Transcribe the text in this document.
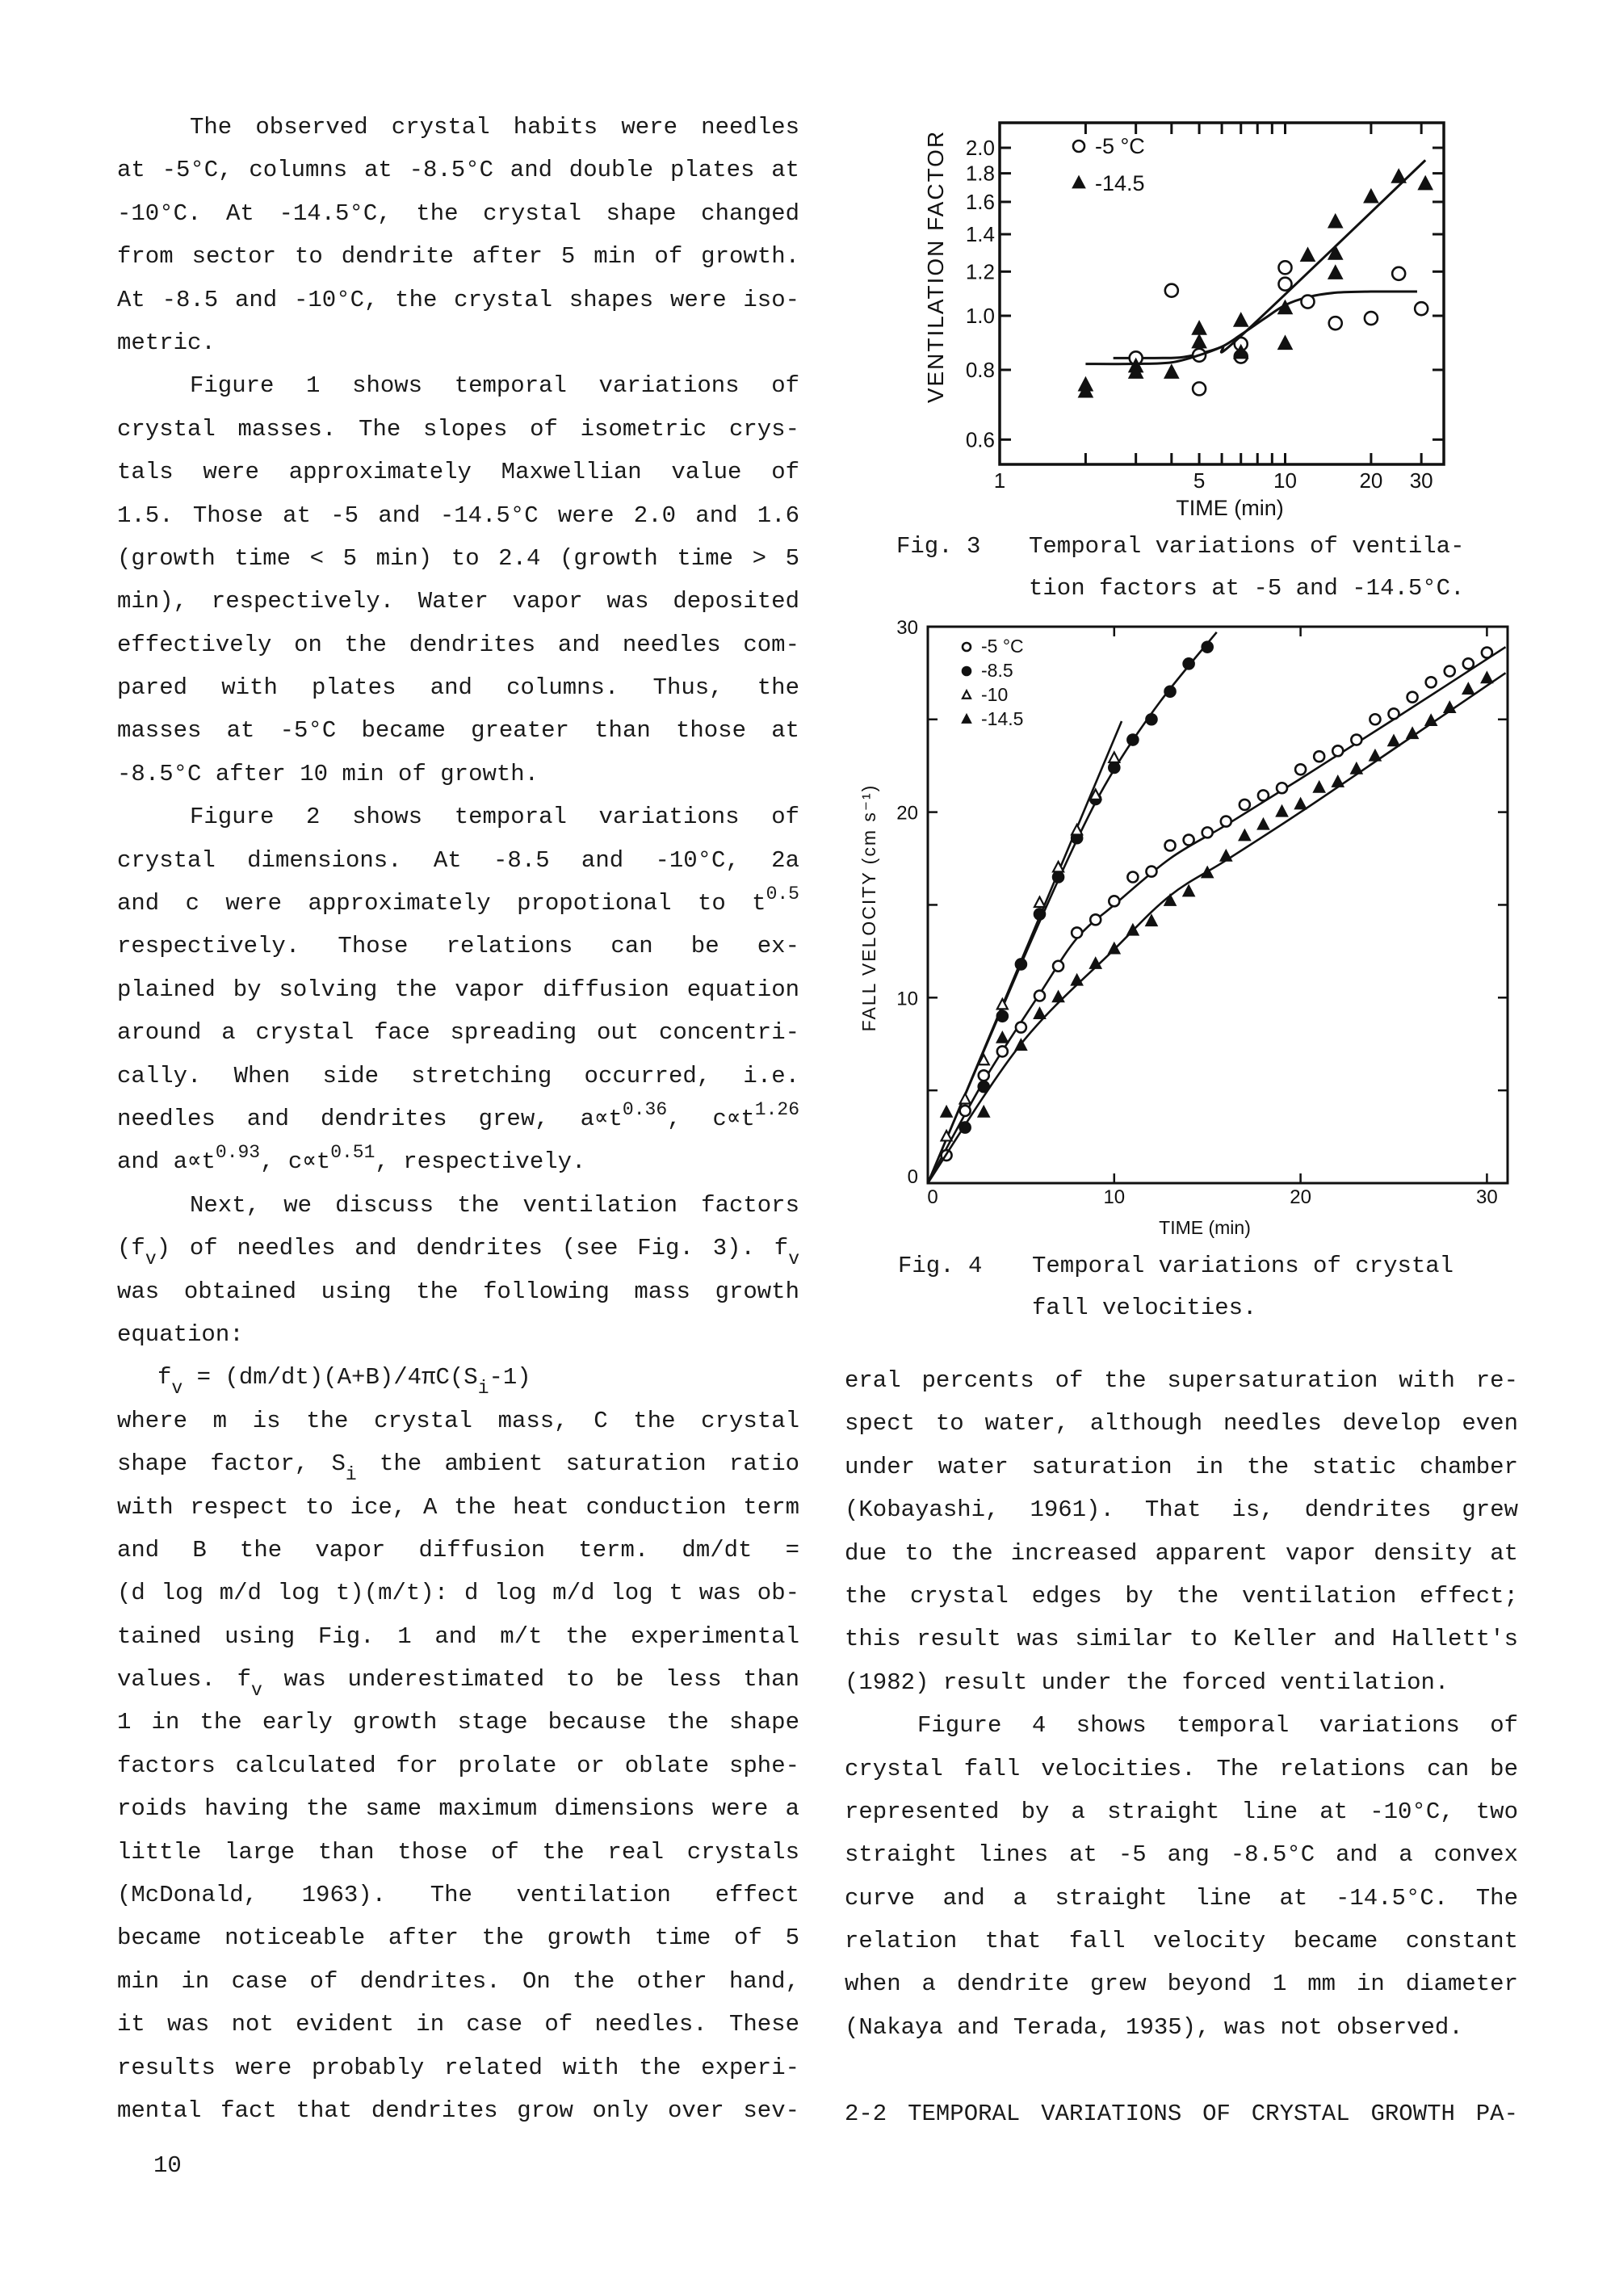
The observed crystal habits were needles
at -5°C, columns at -8.5°C and double plates at
-10°C. At -14.5°C, the crystal shape changed
from sector to dendrite after 5 min of growth.
At -8.5 and -10°C, the crystal shapes were iso-
metric.
Figure 1 shows temporal variations of
crystal masses. The slopes of isometric crys-
tals were approximately Maxwellian value of
1.5. Those at -5 and -14.5°C were 2.0 and 1.6
(growth time < 5 min) to 2.4 (growth time > 5
min), respectively. Water vapor was deposited
effectively on the dendrites and needles com-
pared with plates and columns. Thus, the
masses at -5°C became greater than those at
-8.5°C after 10 min of growth.
Figure 2 shows temporal variations of
crystal dimensions. At -8.5 and -10°C, 2a
and c were approximately propotional to $t^{0.5}$
respectively. Those relations can be ex-
plained by solving the vapor diffusion equation
around a crystal face spreading out concentri-
cally. When side stretching occurred, i.e.
needles and dendrites grew, $a\propto t^{0.36}$, $c\propto t^{1.26}$
and $a\propto t^{0.93}$, $c\propto t^{0.51}$, respectively.
Next, we discuss the ventilation factors
$(f_v)$ of needles and dendrites (see Fig. 3). $f_v$
was obtained using the following mass growth
equation:
$f_v = (dm/dt)(A+B)/4\pi C(S_i-1)$
where m is the crystal mass, C the crystal
shape factor, $S_i$ the ambient saturation ratio
with respect to ice, A the heat conduction term
and B the vapor diffusion term. dm/dt =
(d log m/d log t)(m/t): d log m/d log t was ob-
tained using Fig. 1 and m/t the experimental
values. $f_v$ was underestimated to be less than
1 in the early growth stage because the shape
factors calculated for prolate or oblate sphe-
roids having the same maximum dimensions were a
little large than those of the real crystals
(McDonald, 1963). The ventilation effect
became noticeable after the growth time of 5
min in case of dendrites. On the other hand,
it was not evident in case of needles. These
results were probably related with the experi-
mental fact that dendrites grow only over sev-
eral percents of the supersaturation with re-
spect to water, although needles develop even
under water saturation in the static chamber
(Kobayashi, 1961). That is, dendrites grew
due to the increased apparent vapor density at
the crystal edges by the ventilation effect;
this result was similar to Keller and Hallett's
(1982) result under the forced ventilation.
Figure 4 shows temporal variations of
crystal fall velocities. The relations can be
represented by a straight line at -10°C, two
straight lines at -5 ang -8.5°C and a convex
curve and a straight line at -14.5°C. The
relation that fall velocity became constant
when a dendrite grew beyond 1 mm in diameter
(Nakaya and Terada, 1935), was not observed.
2-2 TEMPORAL VARIATIONS OF CRYSTAL GROWTH PA-
10
Fig. 3 Temporal variations of ventila-
tion factors at -5 and -14.5°C.
Fig. 4 Temporal variations of crystal
fall velocities.
2.0
1.8
1.6
1.4
1.2
1.0
0.8
0.6
1	5	10	20 30
TIME (min)
VENTILATION FACTOR	-5 °C
-14.5
0
10
20
30
0	10	20	30
TIME (min)
FALL VELOCITY (cm s⁻¹)
-5 °C
-8.5
-10
-14.5
